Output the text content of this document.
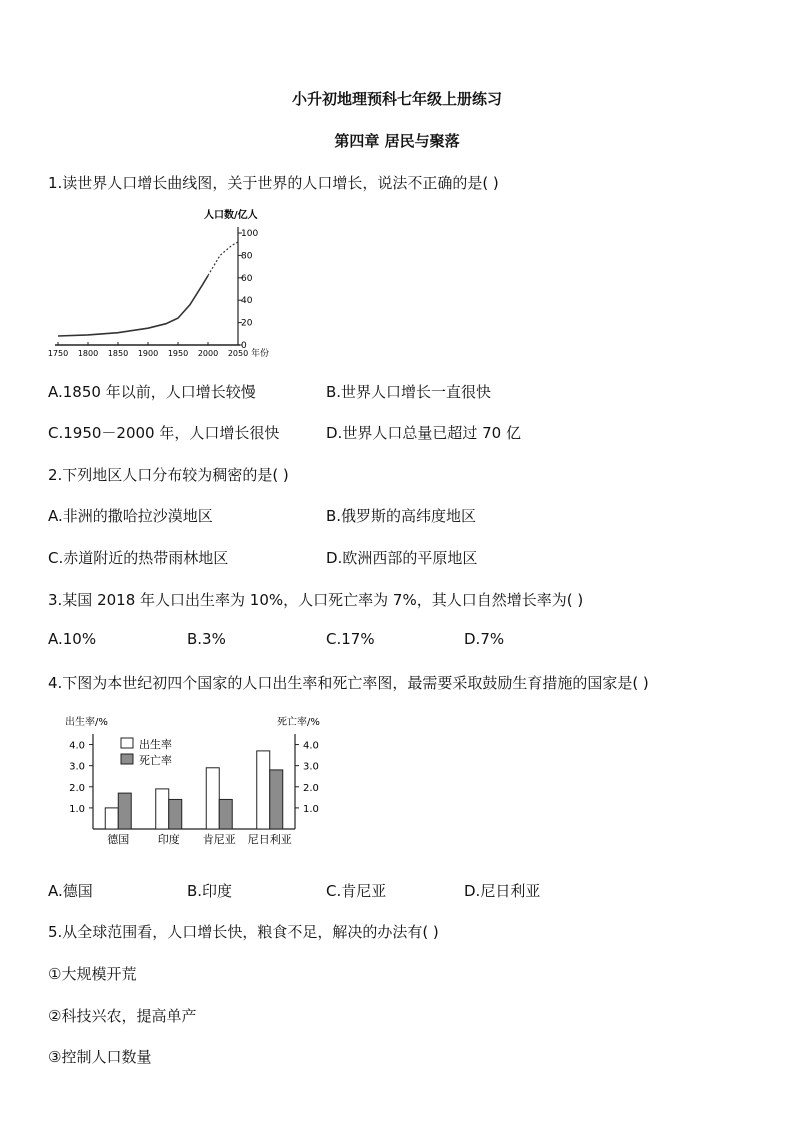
小升初地理预科七年级上册练习
第四章 居民与聚落
1.读世界人口增长曲线图，关于世界的人口增长，说法不正确的是( )
人口数/亿人
0
20
40
60
80
100
1750 1800 1850 1900 1950 2000 2050 年份
A.1850 年以前，人口增长较慢	B.世界人口增长一直很快
C.1950－2000 年，人口增长很快	D.世界人口总量已超过 70 亿
2.下列地区人口分布较为稠密的是( )
A.非洲的撒哈拉沙漠地区	B.俄罗斯的高纬度地区
C.赤道附近的热带雨林地区	D.欧洲西部的平原地区
3.某国 2018 年人口出生率为 10%，人口死亡率为 7%，其人口自然增长率为( )
A.10%	B.3%	C.17%	D.7%
4.下图为本世纪初四个国家的人口出生率和死亡率图，最需要采取鼓励生育措施的国家是( )
出生率/%	死亡率/%
1.0	1.0
2.0	2.0
3.0	3.0
4.0	4.0
德国	印度 肯尼亚 尼日利亚
出生率
死亡率
A.德国	B.印度	C.肯尼亚	D.尼日利亚
5.从全球范围看，人口增长快，粮食不足，解决的办法有( )
①大规模开荒
②科技兴农，提高单产
③控制人口数量
